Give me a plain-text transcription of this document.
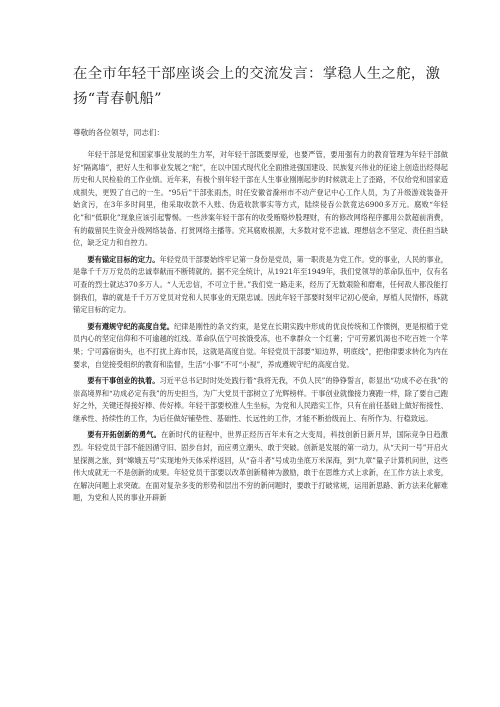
在全市年轻干部座谈会上的交流发言：掌稳人生之舵，激扬“青春帆船”

尊敬的各位领导，同志们：

年轻干部是党和国家事业发展的生力军，对年轻干部既要厚爱，也要严管，要用强有力的教育管理为年轻干部做好“隔离墙”，把好人生和事业发展之“舵”，在以中国式现代化全面推进强国建设、民族复兴伟业的征途上创造出经得起历史和人民检验的工作业绩。近年来，有极个别年轻干部在人生事业刚刚起步的时候就走上了歪路，不仅给党和国家造成损失，更毁了自己的一生。“95后”干部张雨杰，时任安徽省滁州市不动产登记中心工作人员，为了升级游戏装备开始贪污，在3年多时间里，他采取收款不入账、伪造收款事实等方式，陆续侵吞公款竟达6900多万元。腐败“年轻化”和“低职化”现象应该引起警惕。一些涉案年轻干部有的收受贿赂炒股理财，有的修改网络程序挪用公款超前消费，有的截留民生资金升级网络装备、打赏网络主播等。究其腐败根源，大多数对党不忠诚、理想信念不坚定、责任担当缺位，缺乏定力和自控力。

要有锚定目标的定力。年轻党员干部要始终牢记第一身份是党员，第一职责是为党工作。党的事业，人民的事业，是靠千千万万党员的忠诚奉献而不断铸就的。据不完全统计，从1921年至1949年，我们党领导的革命队伍中，仅有名可查的烈士就达370多万人。“人无忠信，不可立于世。”我们党一路走来，经历了无数艰险和磨难，任何敌人都没能打倒我们，靠的就是千千万万党员对党和人民事业的无限忠诚。因此年轻干部要时刻牢记初心使命，厚植人民情怀，练就锚定目标的定力。

要有遵规守纪的高度自觉。纪律是刚性的条文约束，是党在长期实践中形成的优良传统和工作惯例，更是根植于党员内心的坚定信仰和不可逾越的红线。革命队伍宁可挨饿受冻，也不拿群众一个红薯；宁可劳累饥渴也不吃百姓一个苹果；宁可露宿街头，也不打扰上海市民，这就是高度自觉。年轻党员干部要“知边界，明底线”，把他律要求转化为内在要求，自觉接受组织的教育和监督，生活“小事”不可“小视”，养成遵规守纪的高度自觉。

要有干事创业的执着。习近平总书记时时处处践行着“我将无我，不负人民”的铮铮誓言，彰显出“功成不必在我”的崇高境界和“功成必定有我”的历史担当，为广大党员干部树立了光辉榜样。干事创业就像接力赛跑一样，除了要自己跑好之外，关键还得接好棒、传好棒。年轻干部要校准人生坐标，为党和人民踏实工作，只有在前任基础上做好衔接性、继承性、持续性的工作，为后任做好铺垫性、基础性、长远性的工作，才能不断拾级而上、有所作为、行稳致远。

要有开拓创新的勇气。在新时代的征程中，世界正经历百年未有之大变局，科技创新日新月异，国际竞争日趋激烈。年轻党员干部不能因循守旧、固步自封，而应勇立潮头、敢于突破。创新是发展的第一动力，从“天问一号”开启火星探测之旅，到“嫦娥五号”实现地外天体采样返回，从“奋斗者”号成功坐底万米深海，到“九章”量子计算机问世，这些伟大成就无一不是创新的成果。年轻党员干部要以改革创新精神为激励，敢于在思维方式上求新，在工作方法上求变，在解决问题上求突破。在面对复杂多变的形势和层出不穷的新问题时，要敢于打破常规，运用新思路、新方法来化解难题，为党和人民的事业开辟新
